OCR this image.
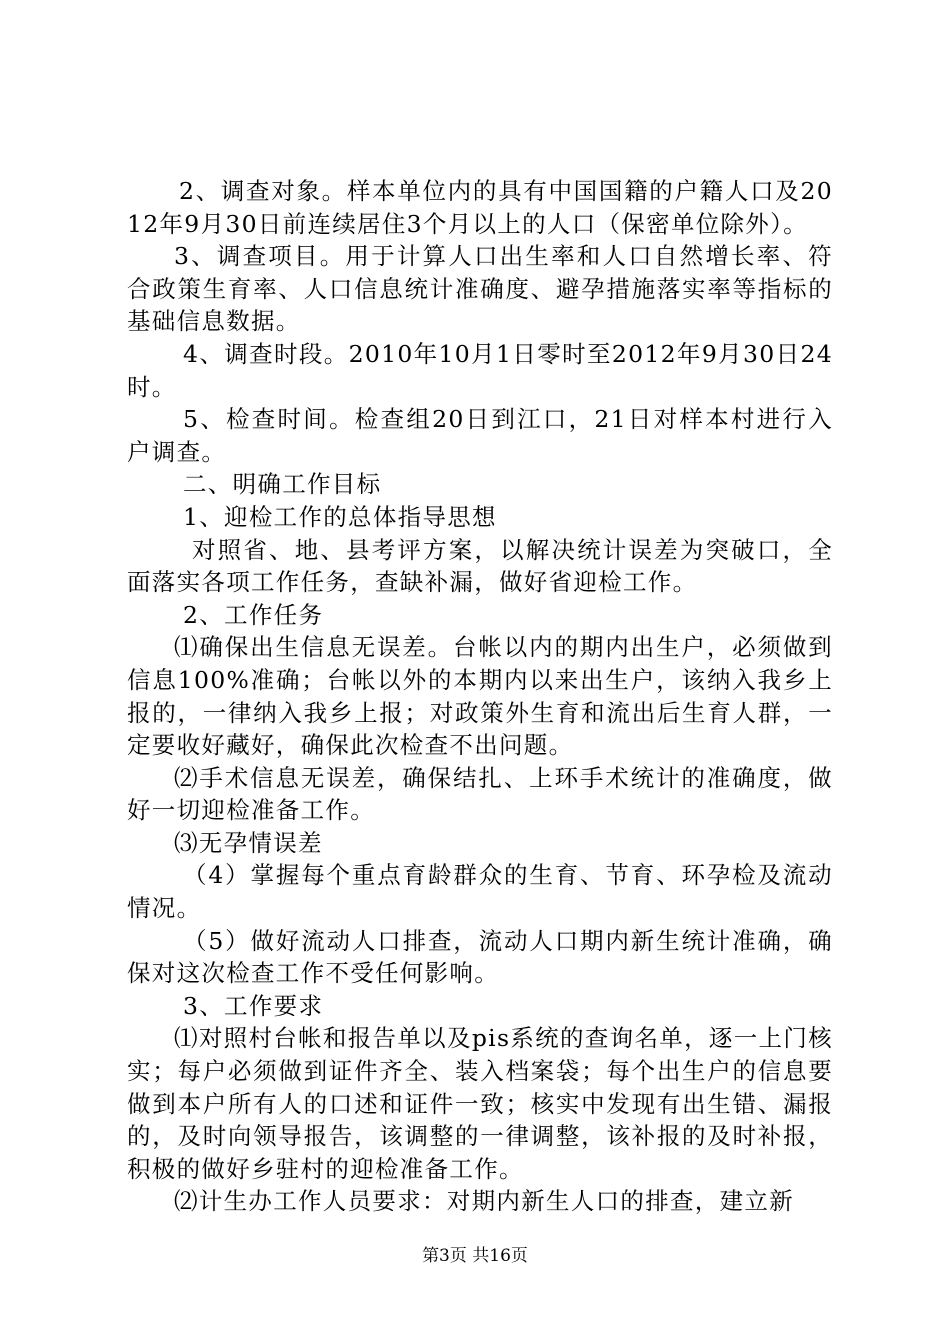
2、调查对象。样本单位内的具有中国国籍的户籍人口及2012年9月30日前连续居住3个月以上的人口（保密单位除外）。

3、调查项目。用于计算人口出生率和人口自然增长率、符合政策生育率、人口信息统计准确度、避孕措施落实率等指标的基础信息数据。

4、调查时段。2010年10月1日零时至2012年9月30日24时。

5、检查时间。检查组20日到江口，21日对样本村进行入户调查。

二、明确工作目标

1、迎检工作的总体指导思想

对照省、地、县考评方案，以解决统计误差为突破口，全面落实各项工作任务，查缺补漏，做好省迎检工作。

2、工作任务

⑴确保出生信息无误差。台帐以内的期内出生户，必须做到信息100%准确；台帐以外的本期内以来出生户，该纳入我乡上报的，一律纳入我乡上报；对政策外生育和流出后生育人群，一定要收好藏好，确保此次检查不出问题。

⑵手术信息无误差，确保结扎、上环手术统计的准确度，做好一切迎检准备工作。

⑶无孕情误差

（4）掌握每个重点育龄群众的生育、节育、环孕检及流动情况。

（5）做好流动人口排查，流动人口期内新生统计准确，确保对这次检查工作不受任何影响。

3、工作要求

⑴对照村台帐和报告单以及pis系统的查询名单，逐一上门核实；每户必须做到证件齐全、装入档案袋；每个出生户的信息要做到本户所有人的口述和证件一致；核实中发现有出生错、漏报的，及时向领导报告，该调整的一律调整，该补报的及时补报，积极的做好乡驻村的迎检准备工作。

⑵计生办工作人员要求：对期内新生人口的排查，建立新

第3页 共16页
